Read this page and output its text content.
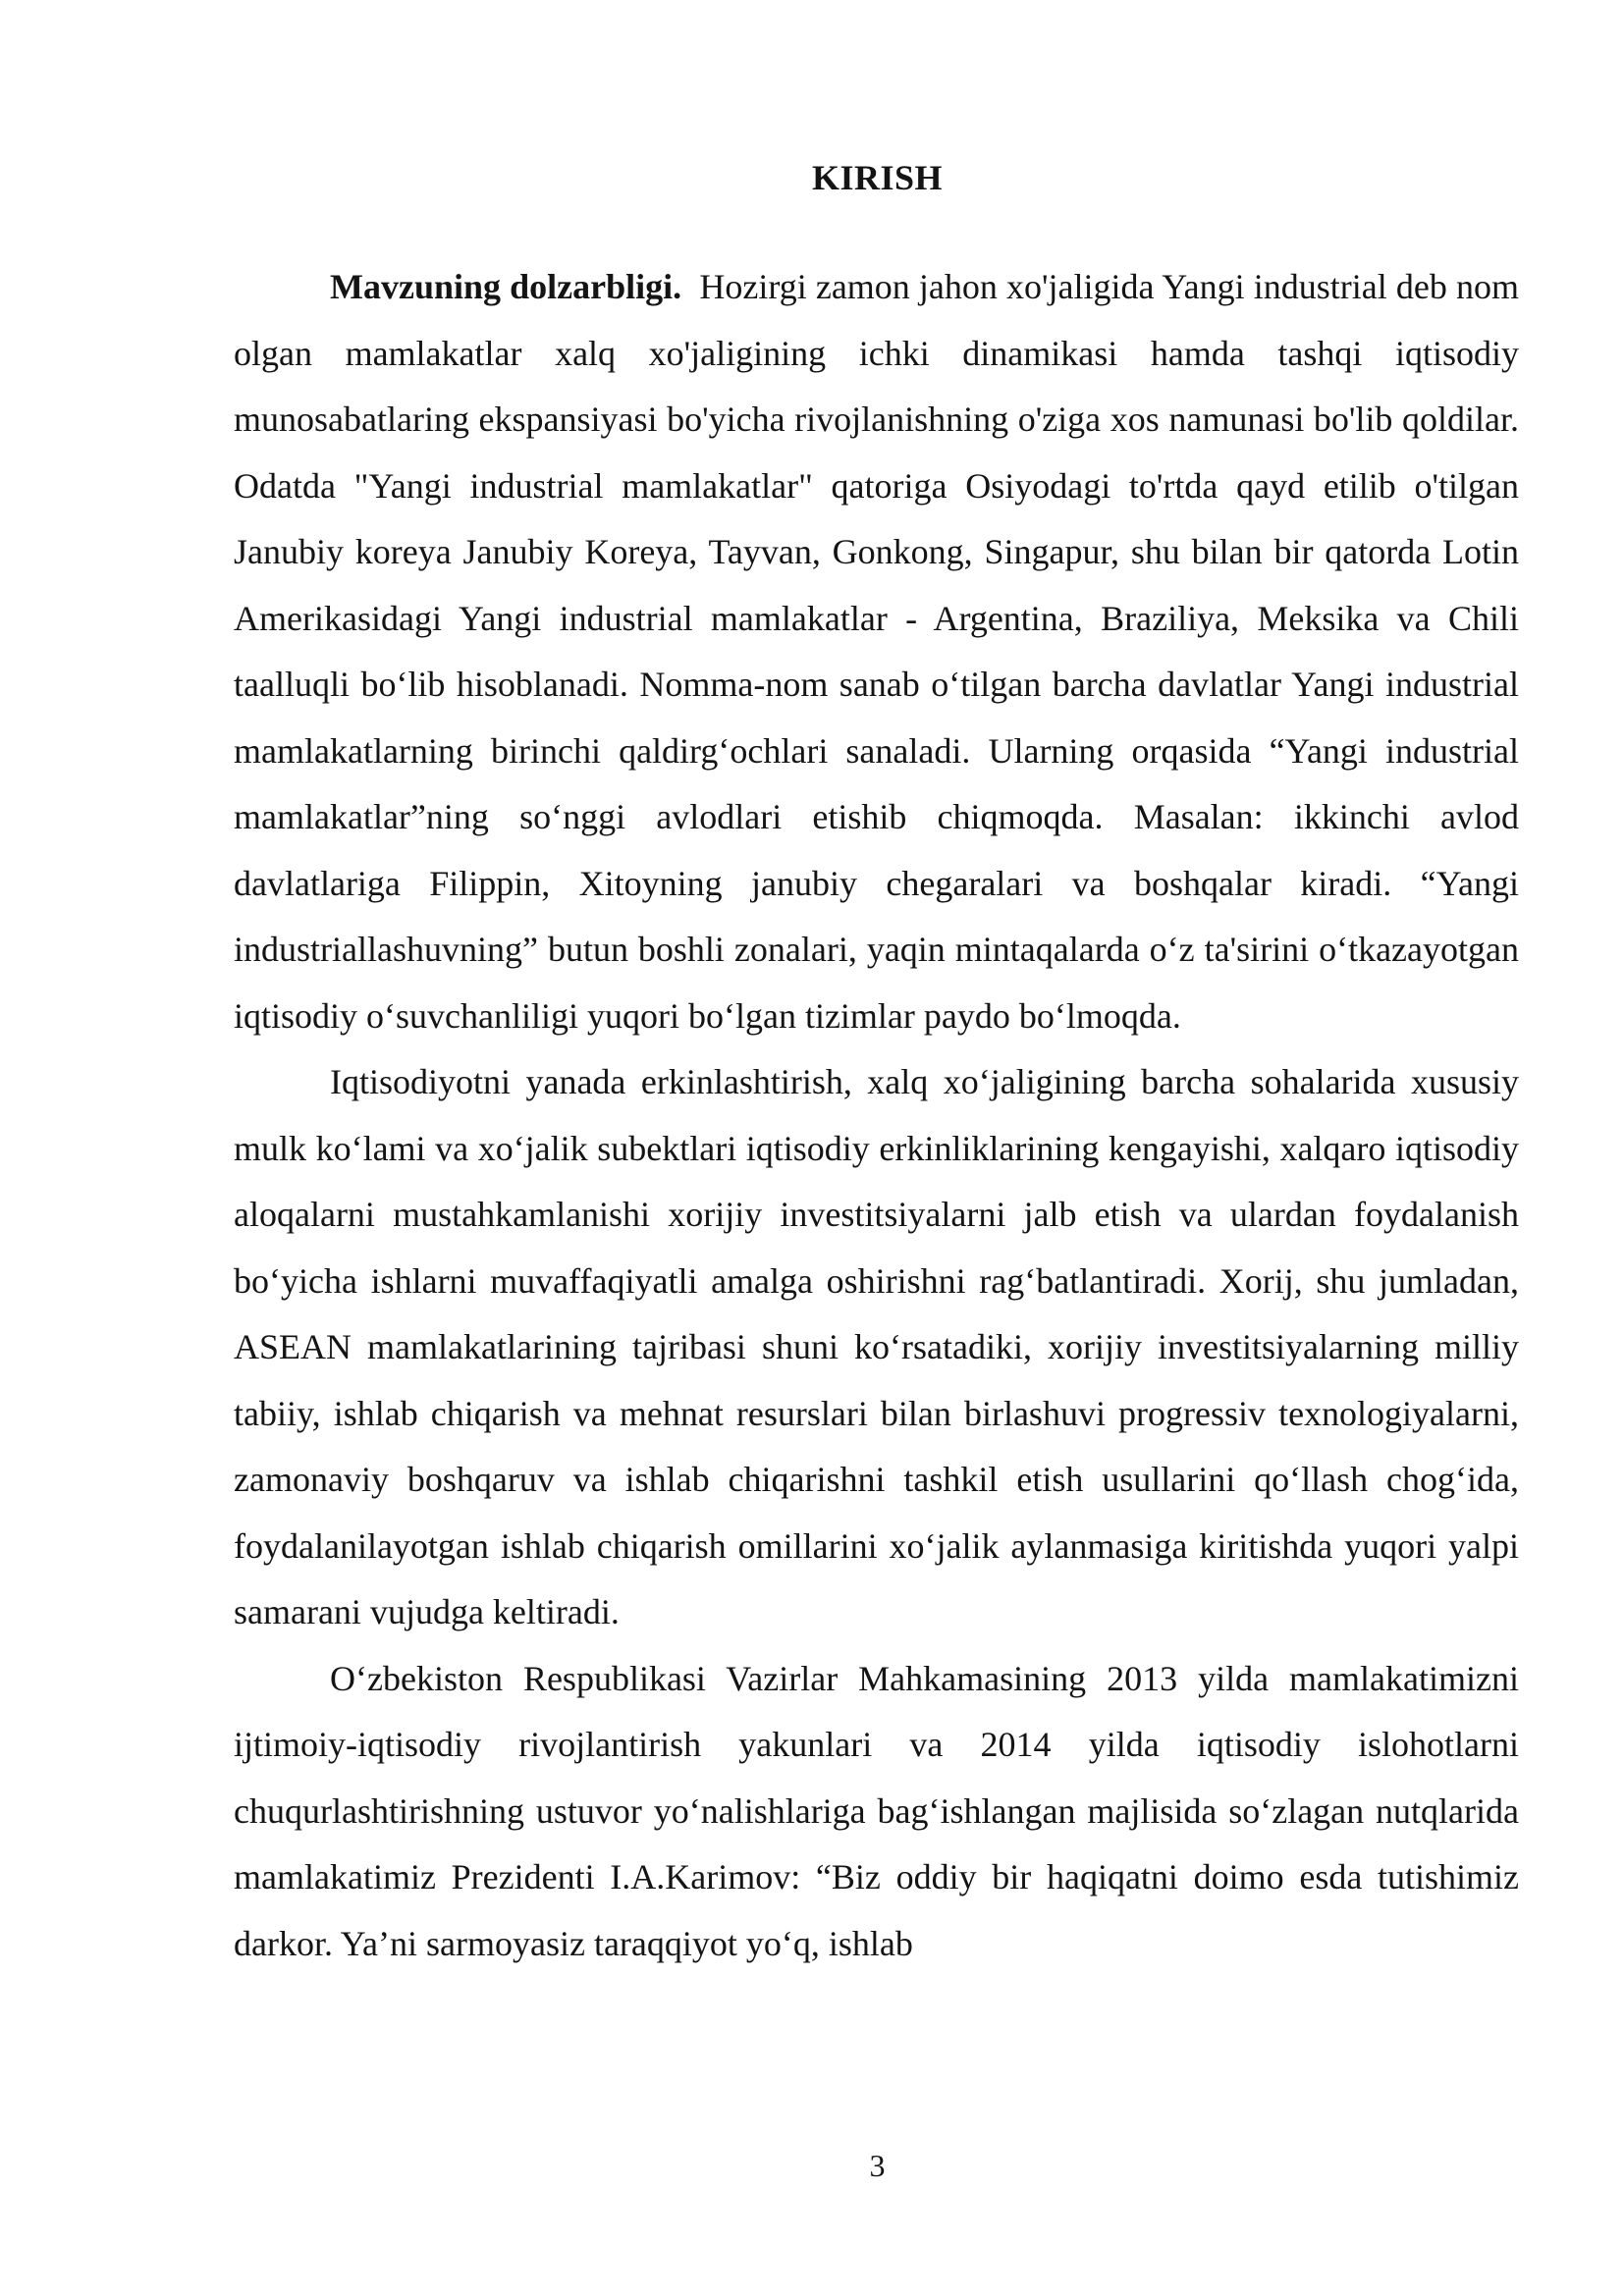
KIRISH

Mavzuning dolzarbligi. Hozirgi zamon jahon xo'jaligida Yangi industrial deb nom olgan mamlakatlar xalq xo'jaligining ichki dinamikasi hamda tashqi iqtisodiy munosabatlaring ekspansiyasi bo'yicha rivojlanishning o'ziga xos namunasi bo'lib qoldilar. Odatda "Yangi industrial mamlakatlar" qatoriga Osiyodagi to'rtda qayd etilib o'tilgan Janubiy koreya Janubiy Koreya, Tayvan, Gonkong, Singapur, shu bilan bir qatorda Lotin Amerikasidagi Yangi industrial mamlakatlar - Argentina, Braziliya, Meksika va Chili taalluqli bo‘lib hisoblanadi. Nomma-nom sanab o‘tilgan barcha davlatlar Yangi industrial mamlakatlarning birinchi qaldirg‘ochlari sanaladi. Ularning orqasida “Yangi industrial mamlakatlar”ning so‘nggi avlodlari etishib chiqmoqda. Masalan: ikkinchi avlod davlatlariga Filippin, Xitoyning janubiy chegaralari va boshqalar kiradi. “Yangi industriallashuvning” butun boshli zonalari, yaqin mintaqalarda o‘z ta'sirini o‘tkazayotgan iqtisodiy o‘suvchanliligi yuqori bo‘lgan tizimlar paydo bo‘lmoqda.

Iqtisodiyotni yanada erkinlashtirish, xalq xo‘jaligining barcha sohalarida xususiy mulk ko‘lami va xo‘jalik subektlari iqtisodiy erkinliklarining kengayishi, xalqaro iqtisodiy aloqalarni mustahkamlanishi xorijiy investitsiyalarni jalb etish va ulardan foydalanish bo‘yicha ishlarni muvaffaqiyatli amalga oshirishni rag‘batlantiradi. Xorij, shu jumladan, ASEAN mamlakatlarining tajribasi shuni ko‘rsatadiki, xorijiy investitsiyalarning milliy tabiiy, ishlab chiqarish va mehnat resurslari bilan birlashuvi progressiv texnologiyalarni, zamonaviy boshqaruv va ishlab chiqarishni tashkil etish usullarini qo‘llash chog‘ida, foydalanilayotgan ishlab chiqarish omillarini xo‘jalik aylanmasiga kiritishda yuqori yalpi samarani vujudga keltiradi.

O‘zbekiston Respublikasi Vazirlar Mahkamasining 2013 yilda mamlakatimizni ijtimoiy-iqtisodiy rivojlantirish yakunlari va 2014 yilda iqtisodiy islohotlarni chuqurlashtirishning ustuvor yo‘nalishlariga bag‘ishlangan majlisida so‘zlagan nutqlarida mamlakatimiz Prezidenti I.A.Karimov: “Biz oddiy bir haqiqatni doimo esda tutishimiz darkor. Ya’ni sarmoyasiz taraqqiyot yo‘q, ishlab

3
